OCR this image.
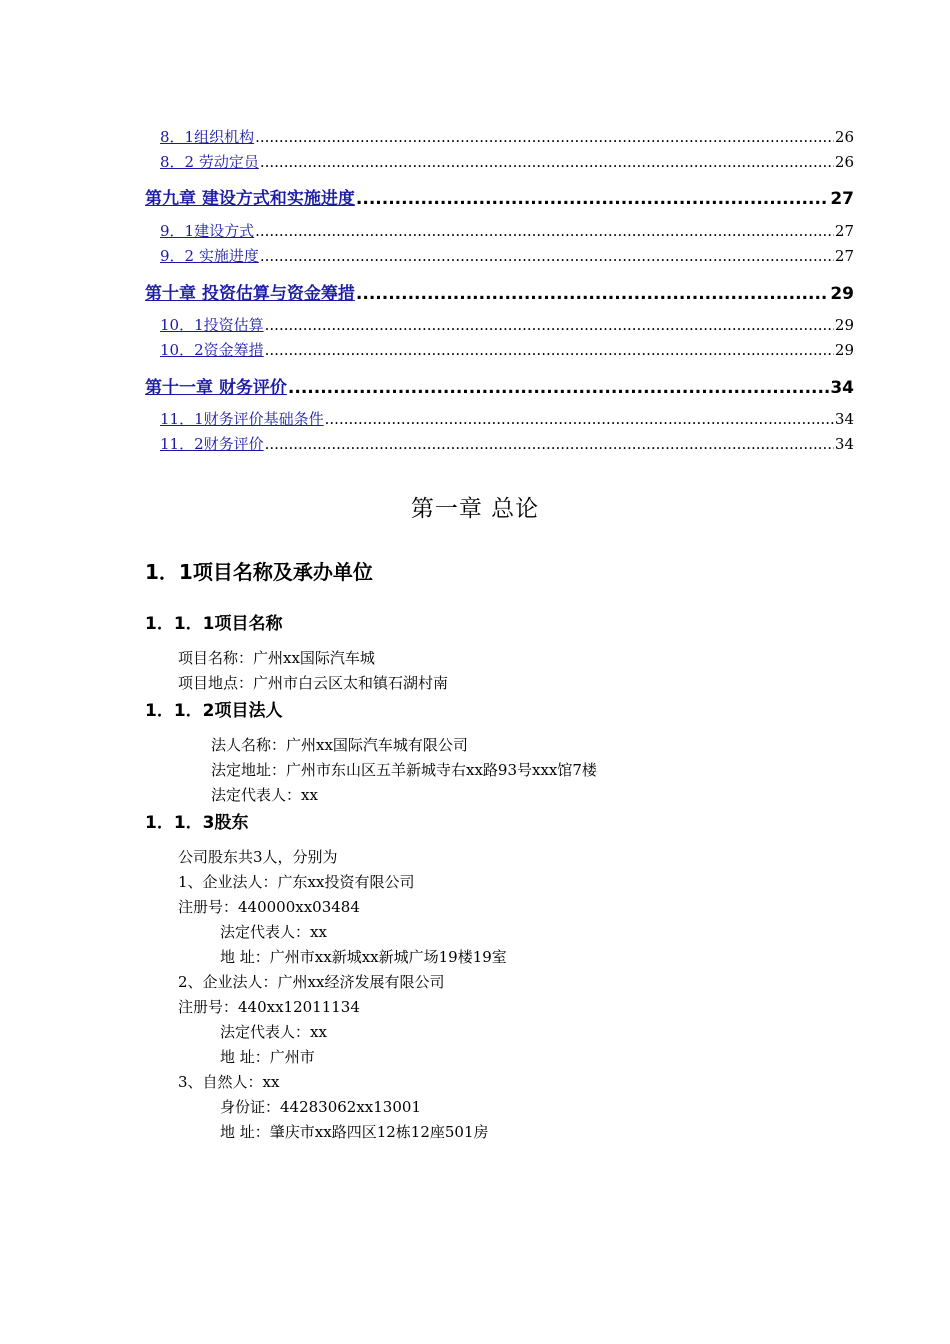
8．1组织机构 .....	26
8．2 劳动定员 .....	26
第九章 建设方式和实施进度 .....	27
9．1建设方式 .....	27
9．2 实施进度 .....	27
第十章 投资估算与资金筹措 .....	29
10．1投资估算 .....	29
10．2资金筹措 .....	29
第十一章 财务评价 .....	34
11．1财务评价基础条件 .....	34
11．2财务评价 .....	34
第一章 总论
1．1项目名称及承办单位
1．1．1项目名称
项目名称：广州xx国际汽车城
项目地点：广州市白云区太和镇石湖村南
1．1．2项目法人
法人名称：广州xx国际汽车城有限公司
法定地址：广州市东山区五羊新城寺右xx路93号xxx馆7楼
法定代表人：xx
1．1．3股东
公司股东共3人，分别为
1、企业法人：广东xx投资有限公司
注册号：440000xx03484
法定代表人：xx
地 址：广州市xx新城xx新城广场19楼19室
2、企业法人：广州xx经济发展有限公司
注册号：440xx12011134
法定代表人：xx
地 址：广州市
3、自然人：xx
身份证：44283062xx13001
地 址：肇庆市xx路四区12栋12座501房
